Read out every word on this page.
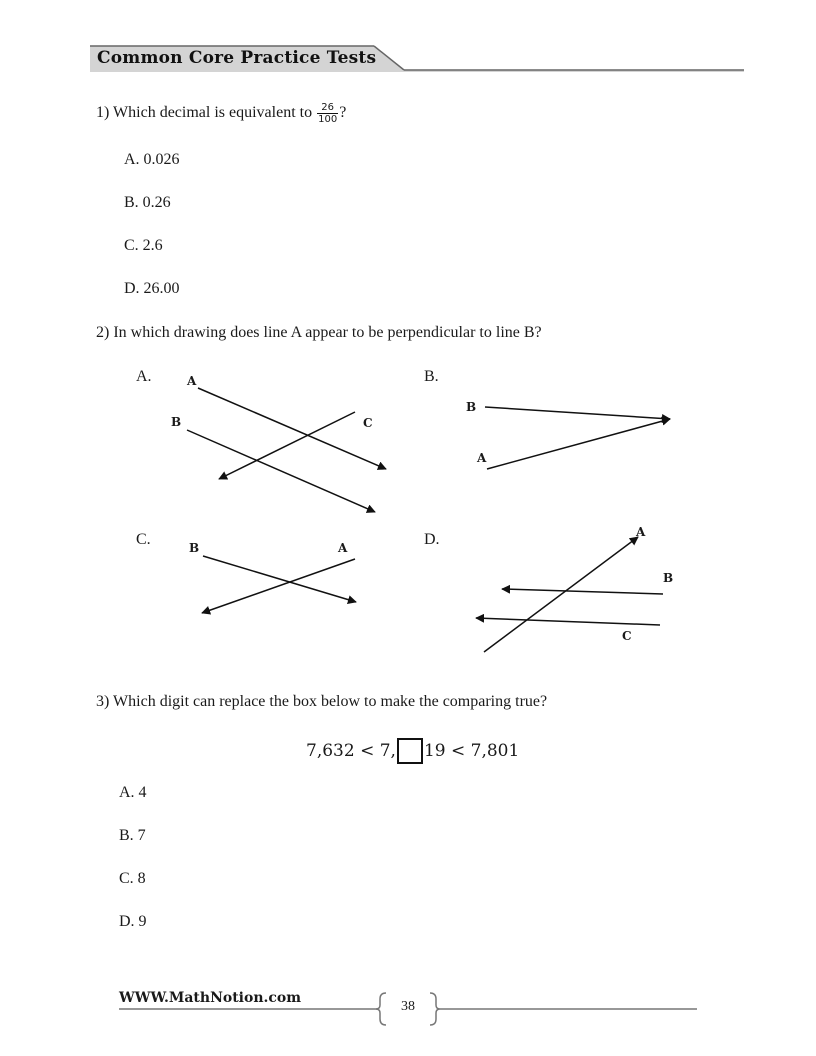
Common Core Practice Tests
1) Which decimal is equivalent to $\frac{26}{100}$ ?
A. 0.026
B. 0.26
C. 2.6
D. 26.00
2) In which drawing does line A appear to be perpendicular to line B?
A.	B.
C.	D.
A
B	C
B
A
B	A
A
B
C
3) Which digit can replace the box below to make the comparing true?
7,632 < 7, 19 < 7,801
A. 4
B. 7
C. 8
D. 9
WWW.MathNotion.com
38
